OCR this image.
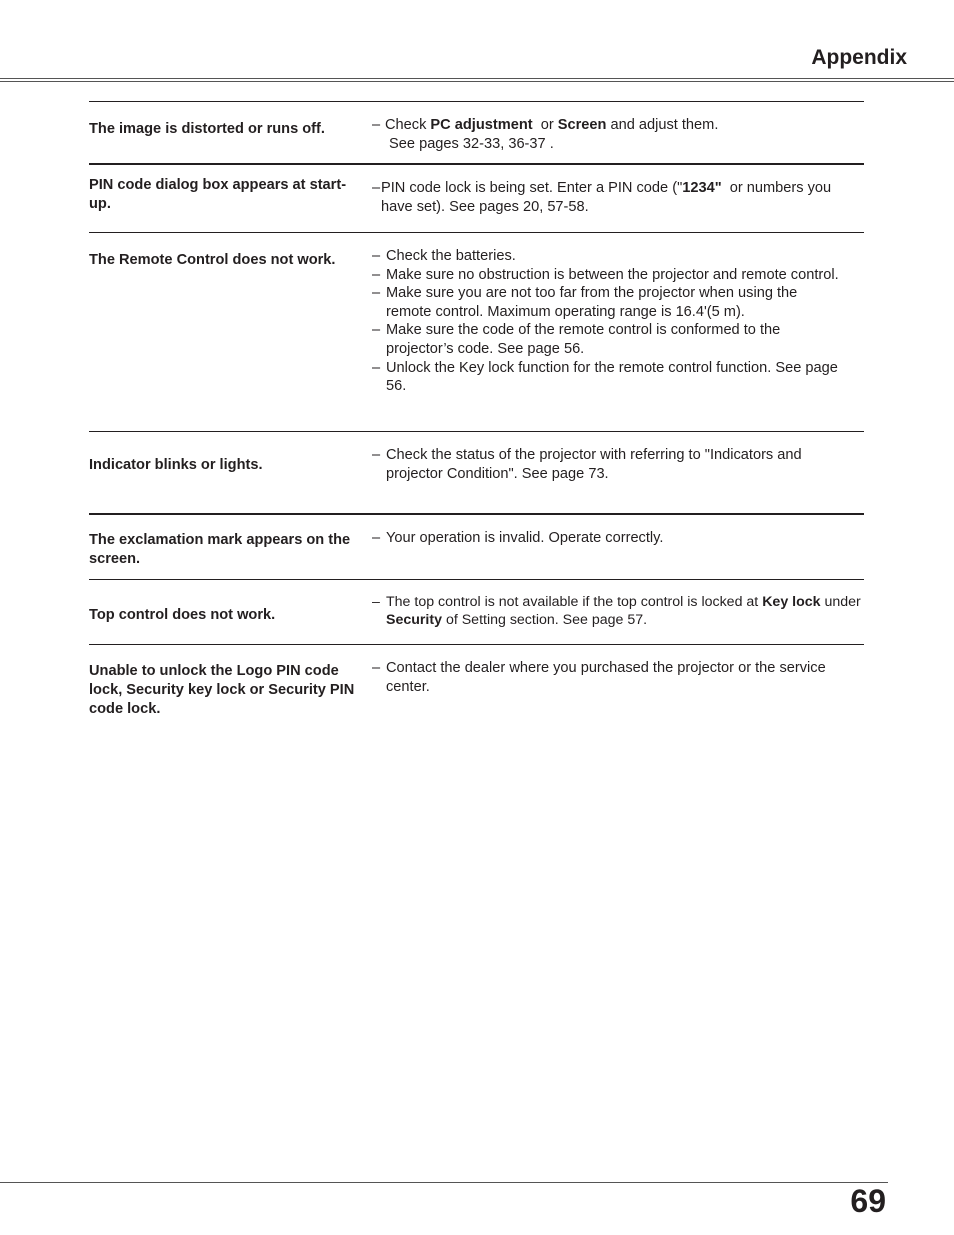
Appendix

The image is distorted or runs off.	– Check PC adjustment  or Screen and adjust them.
See pages 32-33, 36-37 .

PIN code dialog box appears at start-up.

– PIN code lock is being set. Enter a PIN code ("1234"  or numbers you have set). See pages 20, 57-58.

The Remote Control does not work.	– Check the batteries.

– Make sure no obstruction is between the projector and remote control.

– Make sure you are not too far from the projector when using the remote control. Maximum operating range is 16.4'(5 m).

– Make sure the code of the remote control is conformed to the projector’s code. See page 56.

– Unlock the Key lock function for the remote control function. See page 56.

Indicator blinks or lights.

– Check the status of the projector with referring to "Indicators and projector Condition". See page 73.

The exclamation mark appears on the screen.

– Your operation is invalid. Operate correctly.

Top control does not work.

– The top control is not available if the top control is locked at Key lock under Security of Setting section. See page 57.

Unable to unlock the Logo PIN code lock, Security key lock or Security PIN code lock.

– Contact the dealer where you purchased the projector or the service center.

69
